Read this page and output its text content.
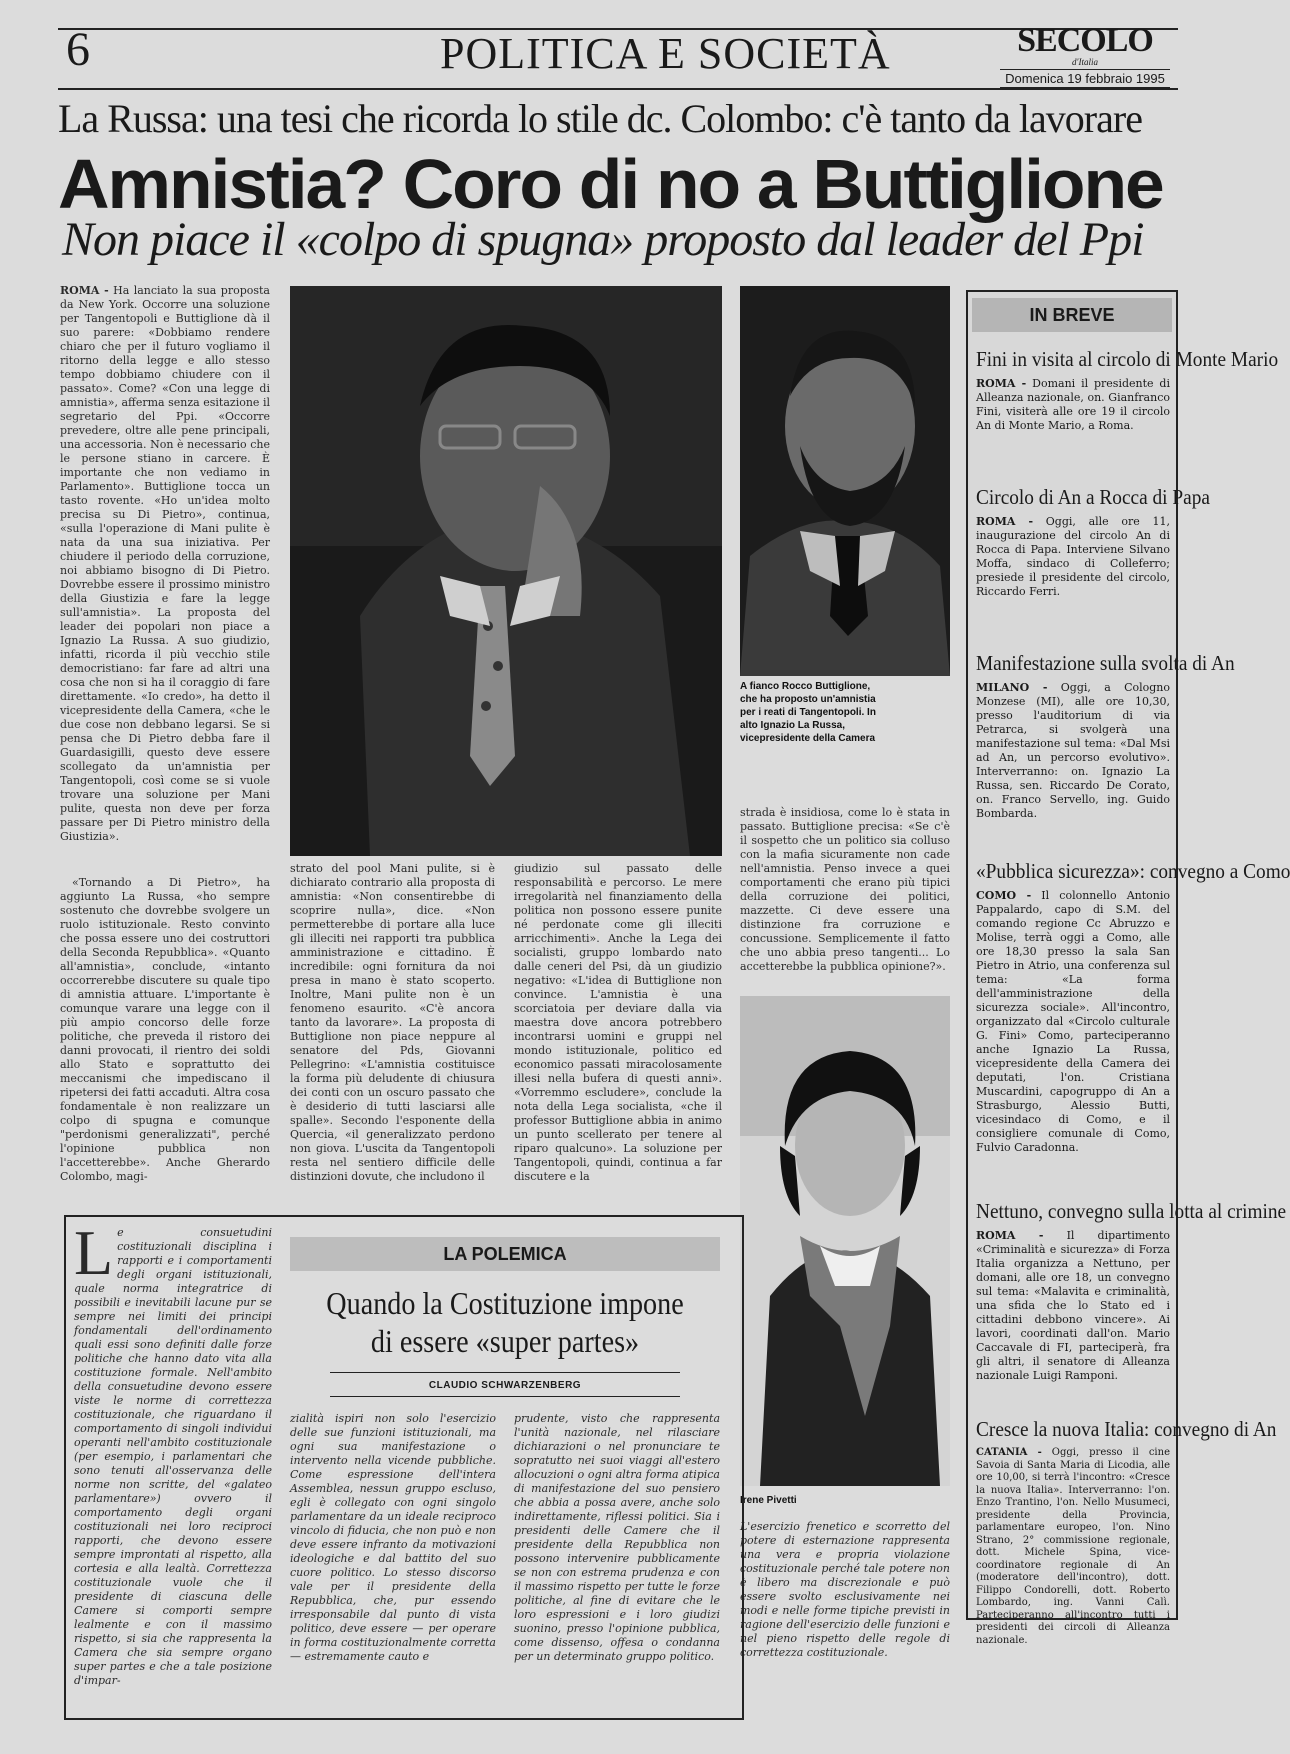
6	POLITICA E SOCIETÀ	SECOLO
d'Italia
Domenica 19 febbraio 1995
La Russa: una tesi che ricorda lo stile dc. Colombo: c'è tanto da lavorare
Amnistia? Coro di no a Buttiglione
Non piace il «colpo di spugna» proposto dal leader del Ppi

ROMA - Ha lanciato la sua proposta da New York. Occorre una soluzione per Tangentopoli e Buttiglione dà il suo parere: «Dobbiamo rendere chiaro che per il futuro vogliamo il ritorno della legge e allo stesso tempo dobbiamo chiudere con il passato». Come? «Con una legge di amnistia», afferma senza esitazione il segretario del Ppi. «Occorre prevedere, oltre alle pene principali, una accessoria. Non è necessario che le persone stiano in carcere. È importante che non vediamo in Parlamento». Buttiglione tocca un tasto rovente. «Ho un'idea molto precisa su Di Pietro», continua, «sulla l'operazione di Mani pulite è nata da una sua iniziativa. Per chiudere il periodo della corruzione, noi abbiamo bisogno di Di Pietro. Dovrebbe essere il prossimo ministro della Giustizia e fare la legge sull'amnistia». La proposta del leader dei popolari non piace a Ignazio La Russa. A suo giudizio, infatti, ricorda il più vecchio stile democristiano: far fare ad altri una cosa che non si ha il coraggio di fare direttamente. «Io credo», ha detto il vicepresidente della Camera, «che le due cose non debbano legarsi. Se si pensa che Di Pietro debba fare il Guardasigilli, questo deve essere scollegato da un'amnistia per Tangentopoli, così come se si vuole trovare una soluzione per Mani pulite, questa non deve per forza passare per Di Pietro ministro della Giustizia».

«Tornando a Di Pietro», ha aggiunto La Russa, «ho sempre sostenuto che dovrebbe svolgere un ruolo istituzionale. Resto convinto che possa essere uno dei costruttori della Seconda Repubblica». «Quanto all'amnistia», conclude, «intanto occorrerebbe discutere su quale tipo di amnistia attuare. L'importante è comunque varare una legge con il più ampio concorso delle forze politiche, che preveda il ristoro dei danni provocati, il rientro dei soldi allo Stato e soprattutto dei meccanismi che impediscano il ripetersi dei fatti accaduti. Altra cosa fondamentale è non realizzare un colpo di spugna e comunque "perdonismi generalizzati", perché l'opinione pubblica non l'accetterebbe». Anche Gherardo Colombo, magi-

A fianco Rocco Buttiglione, che ha proposto un'amnistia per i reati di Tangentopoli. In alto Ignazio La Russa, vicepresidente della Camera

strato del pool Mani pulite, si è dichiarato contrario alla proposta di amnistia: «Non consentirebbe di scoprire nulla», dice. «Non permetterebbe di portare alla luce gli illeciti nei rapporti tra pubblica amministrazione e cittadino. È incredibile: ogni fornitura da noi presa in mano è stato scoperto. Inoltre, Mani pulite non è un fenomeno esaurito. «C'è ancora tanto da lavorare». La proposta di Buttiglione non piace neppure al senatore del Pds, Giovanni Pellegrino: «L'amnistia costituisce la forma più deludente di chiusura dei conti con un oscuro passato che è desiderio di tutti lasciarsi alle spalle». Secondo l'esponente della Quercia, «il generalizzato perdono non giova. L'uscita da Tangentopoli resta nel sentiero difficile delle distinzioni dovute, che includono il

giudizio sul passato delle responsabilità e percorso. Le mere irregolarità nel finanziamento della politica non possono essere punite né perdonate come gli illeciti arricchimenti». Anche la Lega dei socialisti, gruppo lombardo nato dalle ceneri del Psi, dà un giudizio negativo: «L'idea di Buttiglione non convince. L'amnistia è una scorciatoia per deviare dalla via maestra dove ancora potrebbero incontrarsi uomini e gruppi nel mondo istituzionale, politico ed economico passati miracolosamente illesi nella bufera di questi anni». «Vorremmo escludere», conclude la nota della Lega socialista, «che il professor Buttiglione abbia in animo un punto scellerato per tenere al riparo qualcuno». La soluzione per Tangentopoli, quindi, continua a far discutere e la

strada è insidiosa, come lo è stata in passato. Buttiglione precisa: «Se c'è il sospetto che un politico sia colluso con la mafia sicuramente non cade nell'amnistia. Penso invece a quei comportamenti che erano più tipici della corruzione dei politici, mazzette. Ci deve essere una distinzione fra corruzione e concussione. Semplicemente il fatto che uno abbia preso tangenti... Lo accetterebbe la pubblica opinione?».

Irene Pivetti

L'esercizio frenetico e scorretto del potere di esternazione rappresenta una vera e propria violazione costituzionale perché tale potere non è libero ma discrezionale e può essere svolto esclusivamente nei modi e nelle forme tipiche previsti in ragione dell'esercizio delle funzioni e nel pieno rispetto delle regole di correttezza costituzionale.

IN BREVE
Fini in visita al circolo di Monte Mario

ROMA - Domani il presidente di Alleanza nazionale, on. Gianfranco Fini, visiterà alle ore 19 il circolo An di Monte Mario, a Roma.

Circolo di An a Rocca di Papa

ROMA - Oggi, alle ore 11, inaugurazione del circolo An di Rocca di Papa. Interviene Silvano Moffa, sindaco di Colleferro; presiede il presidente del circolo, Riccardo Ferri.

Manifestazione sulla svolta di An

MILANO - Oggi, a Cologno Monzese (MI), alle ore 10,30, presso l'auditorium di via Petrarca, si svolgerà una manifestazione sul tema: «Dal Msi ad An, un percorso evolutivo». Interverranno: on. Ignazio La Russa, sen. Riccardo De Corato, on. Franco Servello, ing. Guido Bombarda.

«Pubblica sicurezza»: convegno a Como

COMO - Il colonnello Antonio Pappalardo, capo di S.M. del comando regione Cc Abruzzo e Molise, terrà oggi a Como, alle ore 18,30 presso la sala San Pietro in Atrio, una conferenza sul tema: «La forma dell'amministrazione della sicurezza sociale». All'incontro, organizzato dal «Circolo culturale G. Fini» Como, parteciperanno anche Ignazio La Russa, vicepresidente della Camera dei deputati, l'on. Cristiana Muscardini, capogruppo di An a Strasburgo, Alessio Butti, vicesindaco di Como, e il consigliere comunale di Como, Fulvio Caradonna.

Nettuno, convegno sulla lotta al crimine

ROMA - Il dipartimento «Criminalità e sicurezza» di Forza Italia organizza a Nettuno, per domani, alle ore 18, un convegno sul tema: «Malavita e criminalità, una sfida che lo Stato ed i cittadini debbono vincere». Ai lavori, coordinati dall'on. Mario Caccavale di FI, parteciperà, fra gli altri, il senatore di Alleanza nazionale Luigi Ramponi.

Cresce la nuova Italia: convegno di An

CATANIA - Oggi, presso il cine Savoia di Santa Maria di Licodia, alle ore 10,00, si terrà l'incontro: «Cresce la nuova Italia». Interverranno: l'on. Enzo Trantino, l'on. Nello Musumeci, presidente della Provincia, parlamentare europeo, l'on. Nino Strano, 2° commissione regionale, dott. Michele Spina, vice-coordinatore regionale di An (moderatore dell'incontro), dott. Filippo Condorelli, dott. Roberto Lombardo, ing. Vanni Calì. Parteciperanno all'incontro tutti i presidenti dei circoli di Alleanza nazionale.

LA POLEMICA
Quando la Costituzione impone di essere «super partes»
CLAUDIO SCHWARZENBERG
L e consuetudini costituzionali disciplina i rapporti e i comportamenti degli organi istituzionali, quale norma integratrice di possibili e inevitabili lacune pur se sempre nei limiti dei principi fondamentali dell'ordinamento quali essi sono definiti dalle forze politiche che hanno dato vita alla costituzione formale. Nell'ambito della consuetudine devono essere viste le norme di correttezza costituzionale, che riguardano il comportamento di singoli individui operanti nell'ambito costituzionale (per esempio, i parlamentari che sono tenuti all'osservanza delle norme non scritte, del «galateo parlamentare») ovvero il comportamento degli organi costituzionali nei loro reciproci rapporti, che devono essere sempre improntati al rispetto, alla cortesia e alla lealtà. Correttezza costituzionale vuole che il presidente di ciascuna delle Camere si comporti sempre lealmente e con il massimo rispetto, si sia che rappresenta la Camera che sia sempre organo super partes e che a tale posizione d'impar-

zialità ispiri non solo l'esercizio delle sue funzioni istituzionali, ma ogni sua manifestazione o intervento nella vicende pubbliche. Come espressione dell'intera Assemblea, nessun gruppo escluso, egli è collegato con ogni singolo parlamentare da un ideale reciproco vincolo di fiducia, che non può e non deve essere infranto da motivazioni ideologiche e dal battito del suo cuore politico. Lo stesso discorso vale per il presidente della Repubblica, che, pur essendo irresponsabile dal punto di vista politico, deve essere — per operare in forma costituzionalmente corretta — estremamente cauto e

prudente, visto che rappresenta l'unità nazionale, nel rilasciare dichiarazioni o nel pronunciare te sopratutto nei suoi viaggi all'estero allocuzioni o ogni altra forma atipica di manifestazione del suo pensiero che abbia a possa avere, anche solo indirettamente, riflessi politici. Sia i presidenti delle Camere che il presidente della Repubblica non possono intervenire pubblicamente se non con estrema prudenza e con il massimo rispetto per tutte le forze politiche, al fine di evitare che le loro espressioni e i loro giudizi suonino, presso l'opinione pubblica, come dissenso, offesa o condanna per un determinato gruppo politico.
